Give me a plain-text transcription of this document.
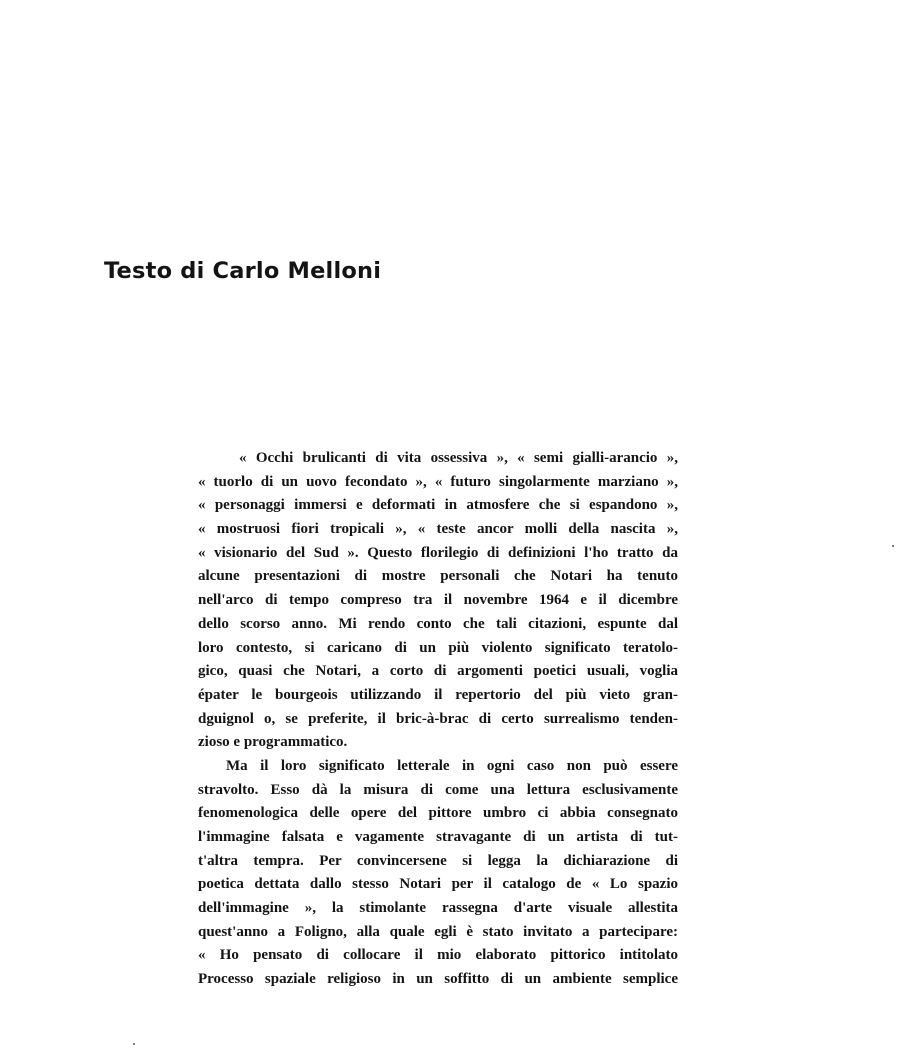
Testo di Carlo Melloni
« Occhi brulicanti di vita ossessiva », « semi gialli-arancio »,
« tuorlo di un uovo fecondato », « futuro singolarmente marziano »,
« personaggi immersi e deformati in atmosfere che si espandono »,
« mostruosi fiori tropicali », « teste ancor molli della nascita »,
« visionario del Sud ». Questo florilegio di definizioni l'ho tratto da
alcune presentazioni di mostre personali che Notari ha tenuto
nell'arco di tempo compreso tra il novembre 1964 e il dicembre
dello scorso anno. Mi rendo conto che tali citazioni, espunte dal
loro contesto, si caricano di un più violento significato teratolo-
gico, quasi che Notari, a corto di argomenti poetici usuali, voglia
épater le bourgeois utilizzando il repertorio del più vieto gran-
dguignol o, se preferite, il bric-à-brac di certo surrealismo tenden-
zioso e programmatico.
Ma il loro significato letterale in ogni caso non può essere
stravolto. Esso dà la misura di come una lettura esclusivamente
fenomenologica delle opere del pittore umbro ci abbia consegnato
l'immagine falsata e vagamente stravagante di un artista di tut-
t'altra tempra. Per convincersene si legga la dichiarazione di
poetica dettata dallo stesso Notari per il catalogo de « Lo spazio
dell'immagine », la stimolante rassegna d'arte visuale allestita
quest'anno a Foligno, alla quale egli è stato invitato a partecipare:
« Ho pensato di collocare il mio elaborato pittorico intitolato
Processo spaziale religioso in un soffitto di un ambiente semplice
